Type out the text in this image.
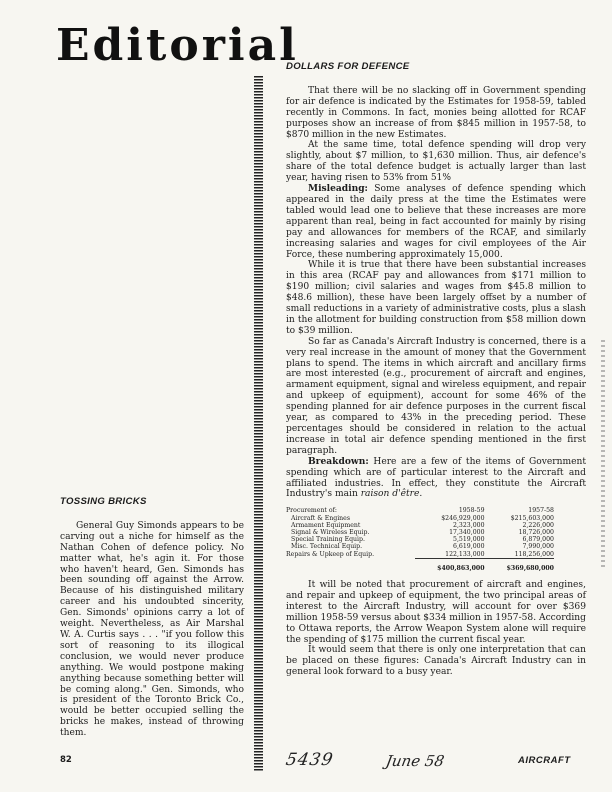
Editorial
DOLLARS FOR DEFENCE

That there will be no slacking off in Government spending for air defence is indicated by the Estimates for 1958-59, tabled recently in Commons. In fact, monies being allotted for RCAF purposes show an increase of from $845 million in 1957-58, to $870 million in the new Estimates.

At the same time, total defence spending will drop very slightly, about $7 million, to $1,630 million. Thus, air defence's share of the total defence budget is actually larger than last year, having risen to 53% from 51%

Misleading: Some analyses of defence spending which appeared in the daily press at the time the Estimates were tabled would lead one to believe that these increases are more apparent than real, being in fact accounted for mainly by rising pay and allowances for members of the RCAF, and similarly increasing salaries and wages for civil employees of the Air Force, these numbering approximately 15,000.

While it is true that there have been substantial increases in this area (RCAF pay and allowances from $171 million to $190 million; civil salaries and wages from $45.8 million to $48.6 million), these have been largely offset by a number of small reductions in a variety of administrative costs, plus a slash in the allotment for building construction from $58 million down to $39 million.

So far as Canada's Aircraft Industry is concerned, there is a very real increase in the amount of money that the Government plans to spend. The items in which aircraft and ancillary firms are most interested (e.g., procurement of aircraft and engines, armament equipment, signal and wireless equipment, and repair and upkeep of equipment), account for some 46% of the spending planned for air defence purposes in the current fiscal year, as compared to 43% in the preceding period. These percentages should be considered in relation to the actual increase in total air defence spending mentioned in the first paragraph.

Breakdown: Here are a few of the items of Government spending which are of particular interest to the Aircraft and affiliated industries. In effect, they constitute the Aircraft Industry's main raison d'être.

Procurement of:	1958-59	1957-58
Aircraft & Engines	$246,929,000	$215,603,000
Armament Equipment	2,323,000	2,226,000
Signal & Wireless Equip.	17,340,000	18,726,000
Special Training Equip.	5,519,000	6,879,000
Misc. Technical Equip.	6,619,000	7,990,000
Repairs & Upkeep of Equip.	122,133,000	118,256,000
	$400,863,000	$369,680,000

It will be noted that procurement of aircraft and engines, and repair and upkeep of equipment, the two principal areas of interest to the Aircraft Industry, will account for over $369 million 1958-59 versus about $334 million in 1957-58. According to Ottawa reports, the Arrow Weapon System alone will require the spending of $175 million the current fiscal year.

It would seem that there is only one interpretation that can be placed on these figures: Canada's Aircraft Industry can in general look forward to a busy year.

TOSSING BRICKS

General Guy Simonds appears to be carving out a niche for himself as the Nathan Cohen of defence policy. No matter what, he's agin it. For those who haven't heard, Gen. Simonds has been sounding off against the Arrow. Because of his distinguished military career and his undoubted sincerity, Gen. Simonds' opinions carry a lot of weight. Nevertheless, as Air Marshal W. A. Curtis says . . . "if you follow this sort of reasoning to its illogical conclusion, we would never produce anything. We would postpone making anything because something better will be coming along." Gen. Simonds, who is president of the Toronto Brick Co., would be better occupied selling the bricks he makes, instead of throwing them.

82	5439	June 58	AIRCRAFT
